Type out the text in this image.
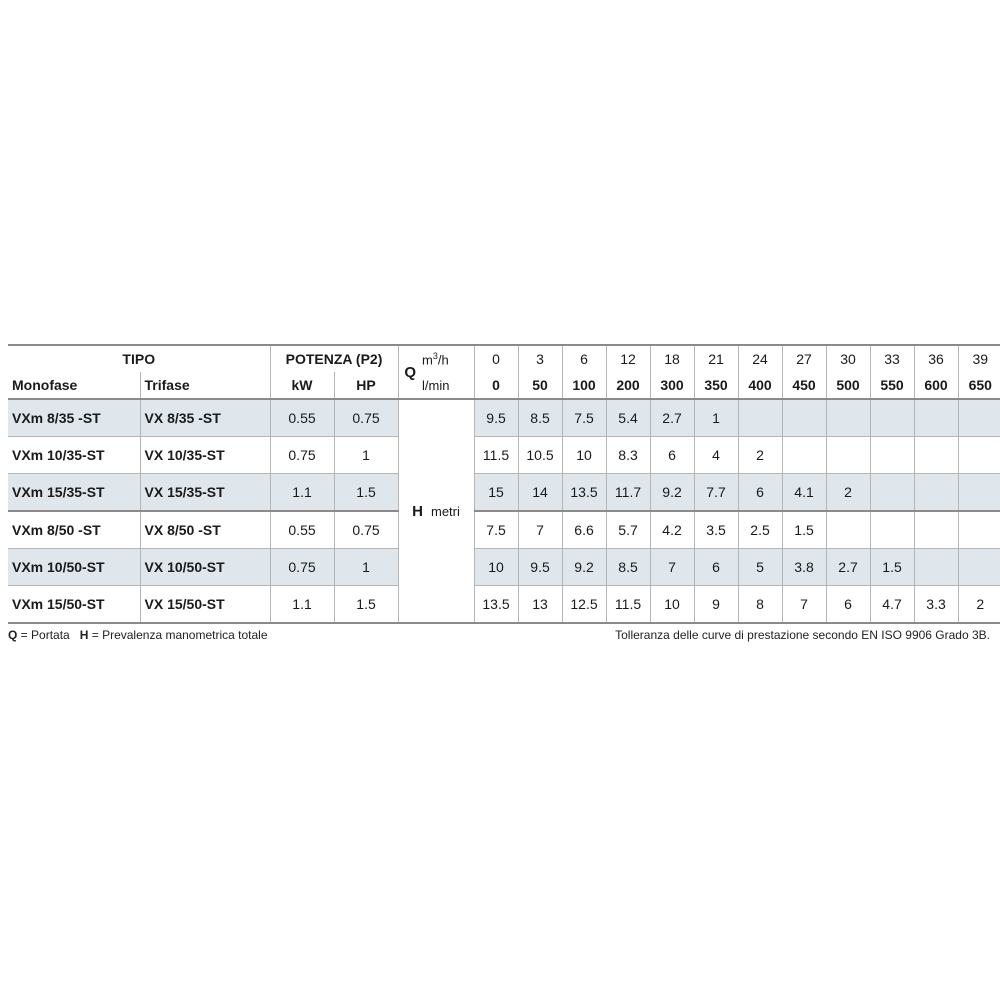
TIPO		POTENZA (P2)		Q	$m^3/h$	0	3	6	12	18	21	24	27	30	33	36	39
Monofase	Trifase	kW	HP		l/min	0	50	100	200	300	350	400	450	500	550	600	650
VXm 8/35 -ST	VX 8/35 -ST	0.55	0.75	H metri		9.5	8.5	7.5	5.4	2.7	1						
VXm 10/35-ST	VX 10/35-ST	0.75	1			11.5	10.5	10	8.3	6	4	2					
VXm 15/35-ST	VX 15/35-ST	1.1	1.5			15	14	13.5	11.7	9.2	7.7	6	4.1	2			
VXm 8/50 -ST	VX 8/50 -ST	0.55	0.75			7.5	7	6.6	5.7	4.2	3.5	2.5	1.5				
VXm 10/50-ST	VX 10/50-ST	0.75	1			10	9.5	9.2	8.5	7	6	5	3.8	2.7	1.5		
VXm 15/50-ST	VX 15/50-ST	1.1	1.5			13.5	13	12.5	11.5	10	9	8	7	6	4.7	3.3	2
Q = Portata H = Prevalenza manometrica totale	Tolleranza delle curve di prestazione secondo EN ISO 9906 Grado 3B.
